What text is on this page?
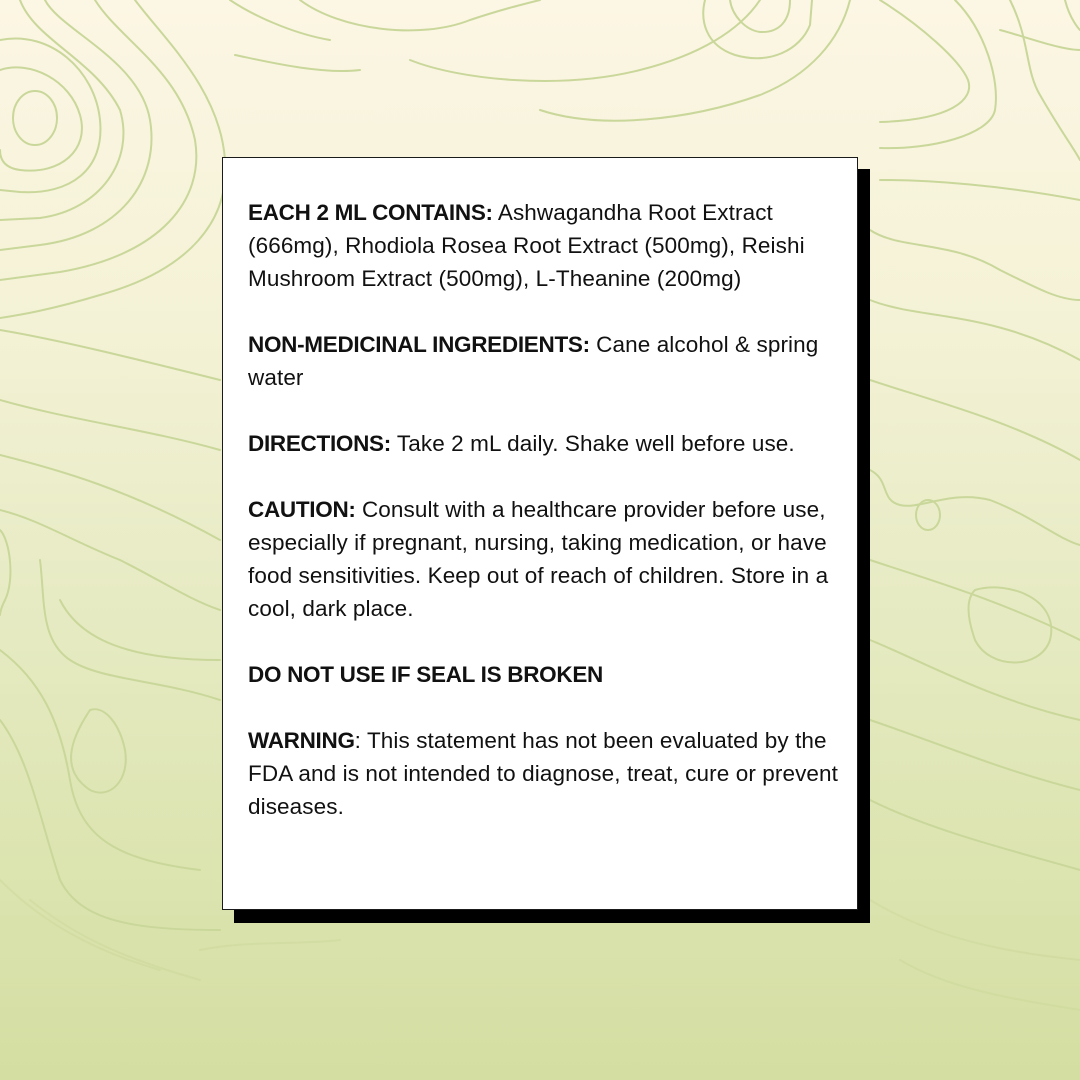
EACH 2 ML CONTAINS: Ashwagandha Root Extract (666mg), Rhodiola Rosea Root Extract (500mg), Reishi Mushroom Extract (500mg), L-Theanine (200mg)

NON-MEDICINAL INGREDIENTS: Cane alcohol & spring water

DIRECTIONS: Take 2 mL daily. Shake well before use.

CAUTION: Consult with a healthcare provider before use, especially if pregnant, nursing, taking medication, or have food sensitivities. Keep out of reach of children. Store in a cool, dark place.

DO NOT USE IF SEAL IS BROKEN

WARNING: This statement has not been evaluated by the FDA and is not intended to diagnose, treat, cure or prevent diseases.
